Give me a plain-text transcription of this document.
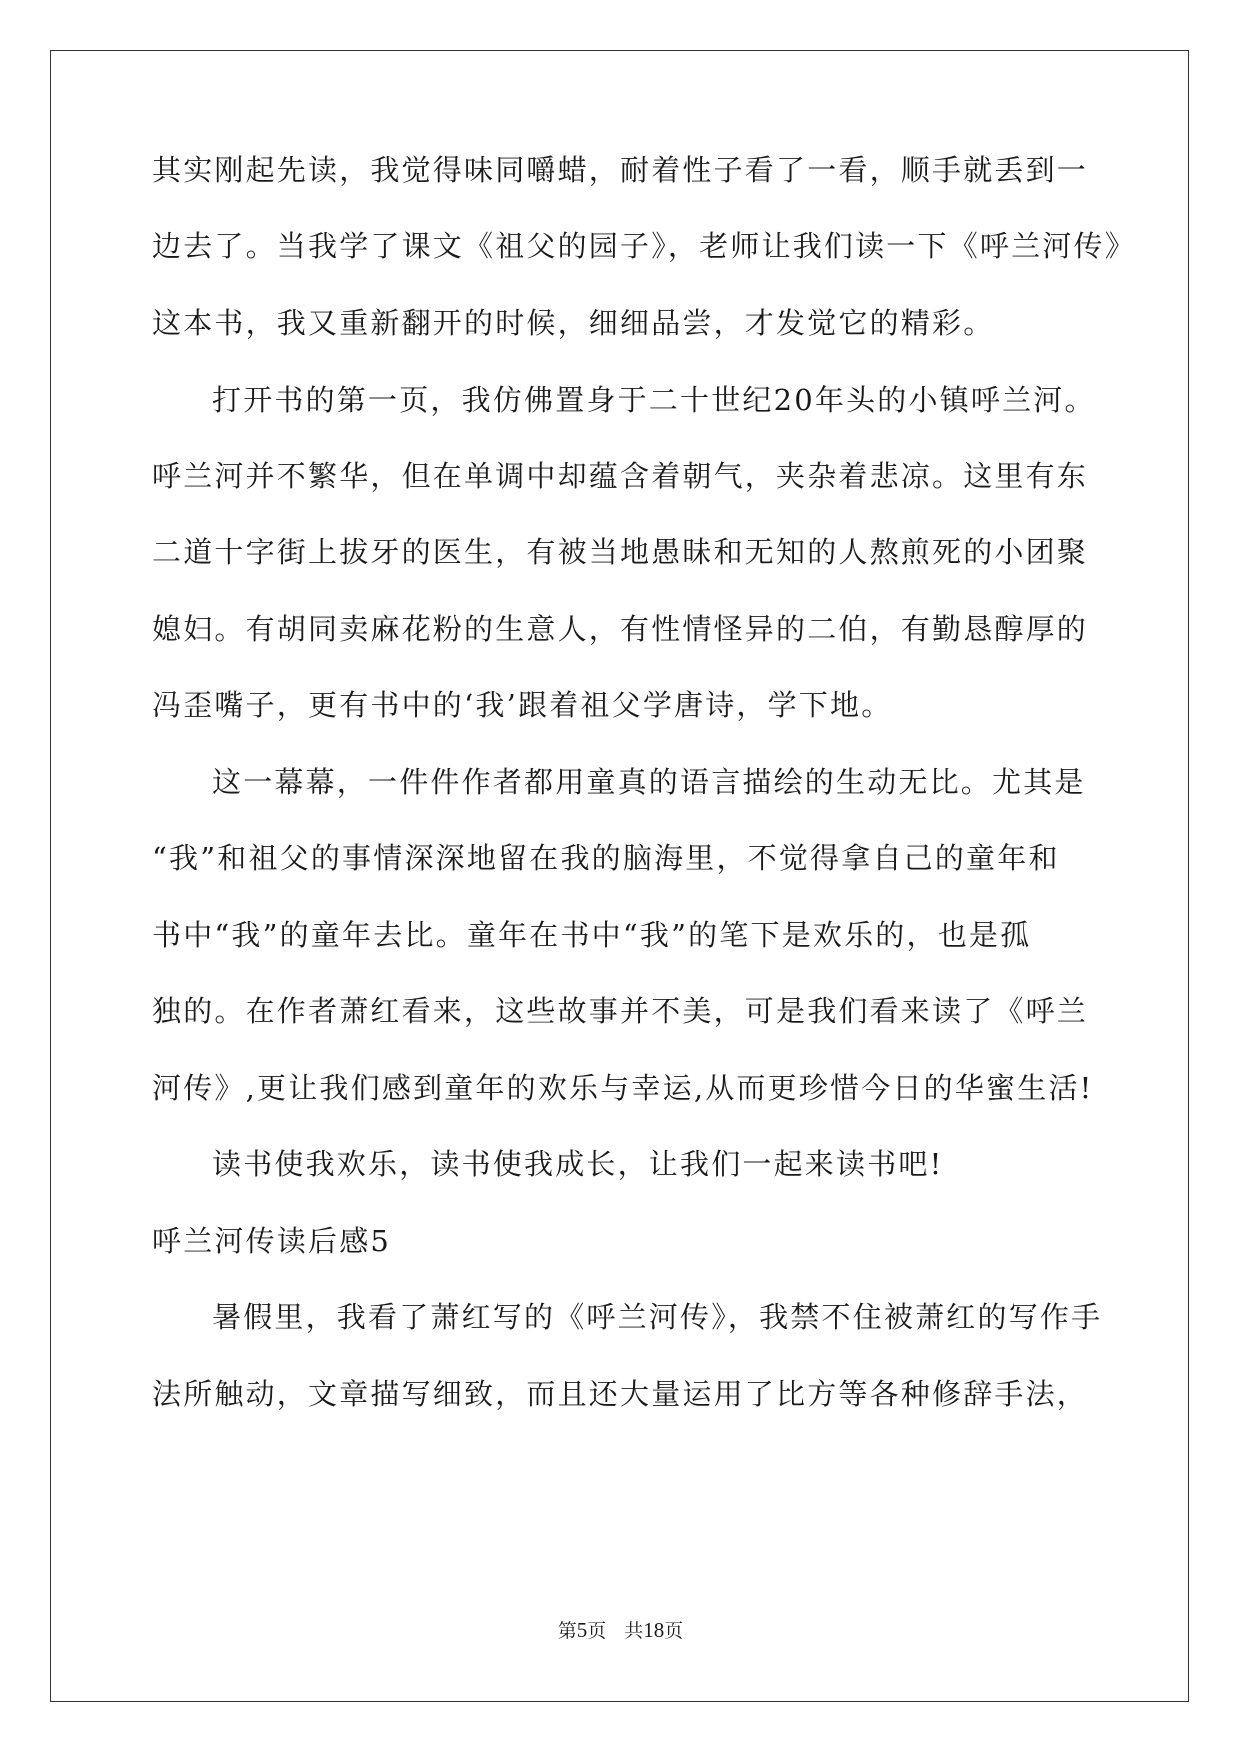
其实刚起先读，我觉得味同嚼蜡，耐着性子看了一看，顺手就丢到一
边去了。当我学了课文《祖父的园子》，老师让我们读一下《呼兰河传》
这本书，我又重新翻开的时候，细细品尝，才发觉它的精彩。
打开书的第一页，我仿佛置身于二十世纪20年头的小镇呼兰河。
呼兰河并不繁华，但在单调中却蕴含着朝气，夹杂着悲凉。这里有东
二道十字街上拔牙的医生，有被当地愚昧和无知的人熬煎死的小团聚
媳妇。有胡同卖麻花粉的生意人，有性情怪异的二伯，有勤恳醇厚的
冯歪嘴子，更有书中的‘我’跟着祖父学唐诗，学下地。
这一幕幕，一件件作者都用童真的语言描绘的生动无比。尤其是
“我”和祖父的事情深深地留在我的脑海里，不觉得拿自己的童年和
书中“我”的童年去比。童年在书中“我”的笔下是欢乐的，也是孤
独的。在作者萧红看来，这些故事并不美，可是我们看来读了《呼兰
河传》,更让我们感到童年的欢乐与幸运,从而更珍惜今日的华蜜生活!
读书使我欢乐，读书使我成长，让我们一起来读书吧!
呼兰河传读后感5
暑假里，我看了萧红写的《呼兰河传》，我禁不住被萧红的写作手
法所触动，文章描写细致，而且还大量运用了比方等各种修辞手法，
第5页 共18页
